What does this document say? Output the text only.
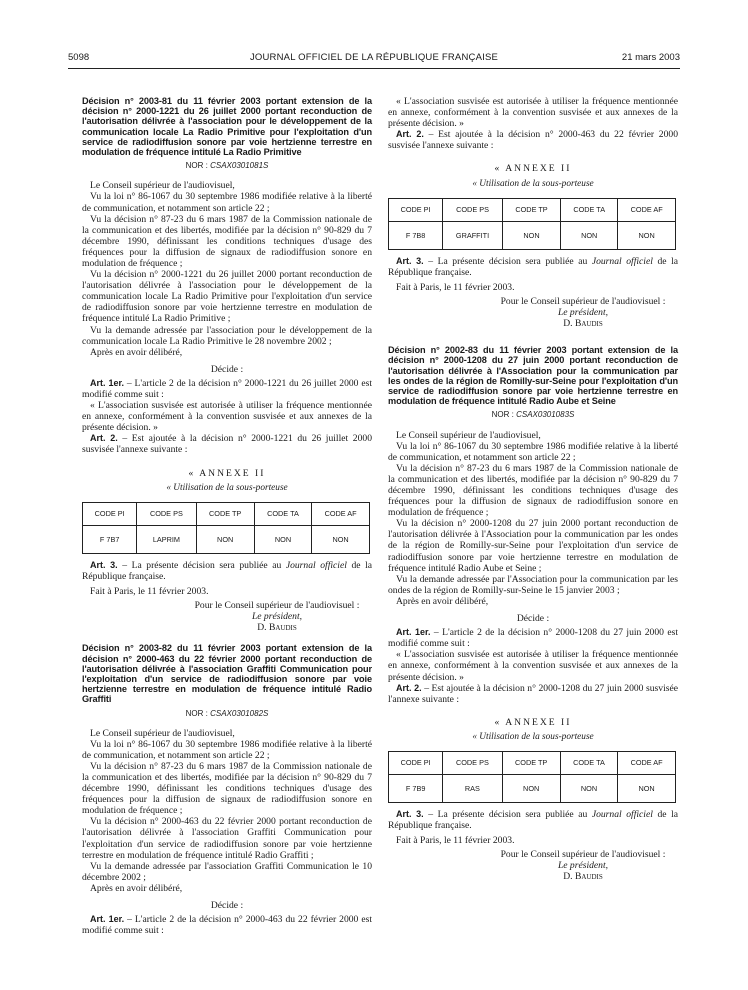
5098	JOURNAL OFFICIEL DE LA RÉPUBLIQUE FRANÇAISE	21 mars 2003

Décision n° 2003-81 du 11 février 2003 portant extension de la décision n° 2000-1221 du 26 juillet 2000 portant reconduction de l'autorisation délivrée à l'association pour le développement de la communication locale La Radio Primitive pour l'exploitation d'un service de radiodiffusion sonore par voie hertzienne terrestre en modulation de fréquence intitulé La Radio Primitive

NOR : CSAX0301081S

Le Conseil supérieur de l'audiovisuel,

Vu la loi n° 86-1067 du 30 septembre 1986 modifiée relative à la liberté de communication, et notamment son article 22 ;

Vu la décision n° 87-23 du 6 mars 1987 de la Commission nationale de la communication et des libertés, modifiée par la décision n° 90-829 du 7 décembre 1990, définissant les conditions techniques d'usage des fréquences pour la diffusion de signaux de radiodiffusion sonore en modulation de fréquence ;

Vu la décision n° 2000-1221 du 26 juillet 2000 portant reconduction de l'autorisation délivrée à l'association pour le développement de la communication locale La Radio Primitive pour l'exploitation d'un service de radiodiffusion sonore par voie hertzienne terrestre en modulation de fréquence intitulé La Radio Primitive ;

Vu la demande adressée par l'association pour le développement de la communication locale La Radio Primitive le 28 novembre 2002 ;

Après en avoir délibéré,

Décide :

Art. 1er. – L'article 2 de la décision n° 2000-1221 du 26 juillet 2000 est modifié comme suit :

« L'association susvisée est autorisée à utiliser la fréquence mentionnée en annexe, conformément à la convention susvisée et aux annexes de la présente décision. »

Art. 2. – Est ajoutée à la décision n° 2000-1221 du 26 juillet 2000 susvisée l'annexe suivante :

« ANNEXE II
« Utilisation de la sous-porteuse
CODE PI	CODE PS	CODE TP	CODE TA	CODE AF
F 7B7	LAPRIM	NON	NON	NON

Art. 3. – La présente décision sera publiée au Journal officiel de la République française.

Fait à Paris, le 11 février 2003.

Pour le Conseil supérieur de l'audiovisuel :
Le président,
D. Baudis

Décision n° 2003-82 du 11 février 2003 portant extension de la décision n° 2000-463 du 22 février 2000 portant reconduction de l'autorisation délivrée à l'association Graffiti Communication pour l'exploitation d'un service de radiodiffusion sonore par voie hertzienne terrestre en modulation de fréquence intitulé Radio Graffiti

NOR : CSAX0301082S

Le Conseil supérieur de l'audiovisuel,

Vu la loi n° 86-1067 du 30 septembre 1986 modifiée relative à la liberté de communication, et notamment son article 22 ;

Vu la décision n° 87-23 du 6 mars 1987 de la Commission nationale de la communication et des libertés, modifiée par la décision n° 90-829 du 7 décembre 1990, définissant les conditions techniques d'usage des fréquences pour la diffusion de signaux de radiodiffusion sonore en modulation de fréquence ;

Vu la décision n° 2000-463 du 22 février 2000 portant reconduction de l'autorisation délivrée à l'association Graffiti Communication pour l'exploitation d'un service de radiodiffusion sonore par voie hertzienne terrestre en modulation de fréquence intitulé Radio Graffiti ;

Vu la demande adressée par l'association Graffiti Communication le 10 décembre 2002 ;

Après en avoir délibéré,

Décide :

Art. 1er. – L'article 2 de la décision n° 2000-463 du 22 février 2000 est modifié comme suit :

« L'association susvisée est autorisée à utiliser la fréquence mentionnée en annexe, conformément à la convention susvisée et aux annexes de la présente décision. »

Art. 2. – Est ajoutée à la décision n° 2000-463 du 22 février 2000 susvisée l'annexe suivante :

« ANNEXE II
« Utilisation de la sous-porteuse
CODE PI	CODE PS	CODE TP	CODE TA	CODE AF
F 7B8	GRAFFITI	NON	NON	NON

Art. 3. – La présente décision sera publiée au Journal officiel de la République française.

Fait à Paris, le 11 février 2003.

Pour le Conseil supérieur de l'audiovisuel :
Le président,
D. Baudis

Décision n° 2002-83 du 11 février 2003 portant extension de la décision n° 2000-1208 du 27 juin 2000 portant reconduction de l'autorisation délivrée à l'Association pour la communication par les ondes de la région de Romilly-sur-Seine pour l'exploitation d'un service de radiodiffusion sonore par voie hertzienne terrestre en modulation de fréquence intitulé Radio Aube et Seine

NOR : CSAX0301083S

Le Conseil supérieur de l'audiovisuel,

Vu la loi n° 86-1067 du 30 septembre 1986 modifiée relative à la liberté de communication, et notamment son article 22 ;

Vu la décision n° 87-23 du 6 mars 1987 de la Commission nationale de la communication et des libertés, modifiée par la décision n° 90-829 du 7 décembre 1990, définissant les conditions techniques d'usage des fréquences pour la diffusion de signaux de radiodiffusion sonore en modulation de fréquence ;

Vu la décision n° 2000-1208 du 27 juin 2000 portant reconduction de l'autorisation délivrée à l'Association pour la communication par les ondes de la région de Romilly-sur-Seine pour l'exploitation d'un service de radiodiffusion sonore par voie hertzienne terrestre en modulation de fréquence intitulé Radio Aube et Seine ;

Vu la demande adressée par l'Association pour la communication par les ondes de la région de Romilly-sur-Seine le 15 janvier 2003 ;

Après en avoir délibéré,

Décide :

Art. 1er. – L'article 2 de la décision n° 2000-1208 du 27 juin 2000 est modifié comme suit :

« L'association susvisée est autorisée à utiliser la fréquence mentionnée en annexe, conformément à la convention susvisée et aux annexes de la présente décision. »

Art. 2. – Est ajoutée à la décision n° 2000-1208 du 27 juin 2000 susvisée l'annexe suivante :

« ANNEXE II
« Utilisation de la sous-porteuse
CODE PI	CODE PS	CODE TP	CODE TA	CODE AF
F 7B9	RAS	NON	NON	NON

Art. 3. – La présente décision sera publiée au Journal officiel de la République française.

Fait à Paris, le 11 février 2003.

Pour le Conseil supérieur de l'audiovisuel :
Le président,
D. Baudis
